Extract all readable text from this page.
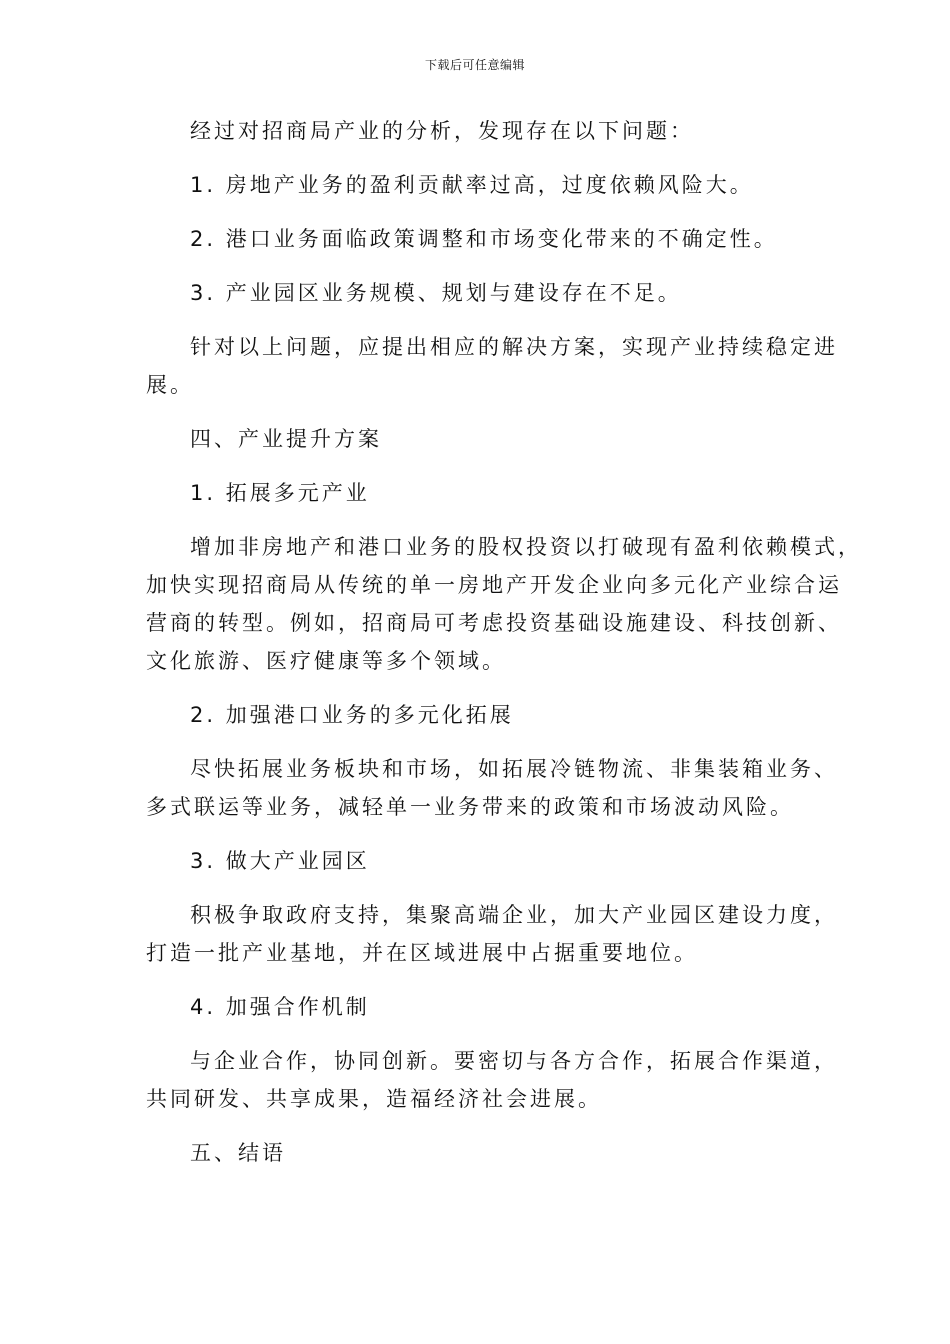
下载后可任意编辑
经过对招商局产业的分析，发现存在以下问题：
1. 房地产业务的盈利贡献率过高，过度依赖风险大。
2. 港口业务面临政策调整和市场变化带来的不确定性。
3. 产业园区业务规模、规划与建设存在不足。
针对以上问题，应提出相应的解决方案，实现产业持续稳定进
展。
四、产业提升方案
1. 拓展多元产业
增加非房地产和港口业务的股权投资以打破现有盈利依赖模式，
加快实现招商局从传统的单一房地产开发企业向多元化产业综合运
营商的转型。例如，招商局可考虑投资基础设施建设、科技创新、
文化旅游、医疗健康等多个领域。
2. 加强港口业务的多元化拓展
尽快拓展业务板块和市场，如拓展冷链物流、非集装箱业务、
多式联运等业务，减轻单一业务带来的政策和市场波动风险。
3. 做大产业园区
积极争取政府支持，集聚高端企业，加大产业园区建设力度，
打造一批产业基地，并在区域进展中占据重要地位。
4. 加强合作机制
与企业合作，协同创新。要密切与各方合作，拓展合作渠道，
共同研发、共享成果，造福经济社会进展。
五、结语
